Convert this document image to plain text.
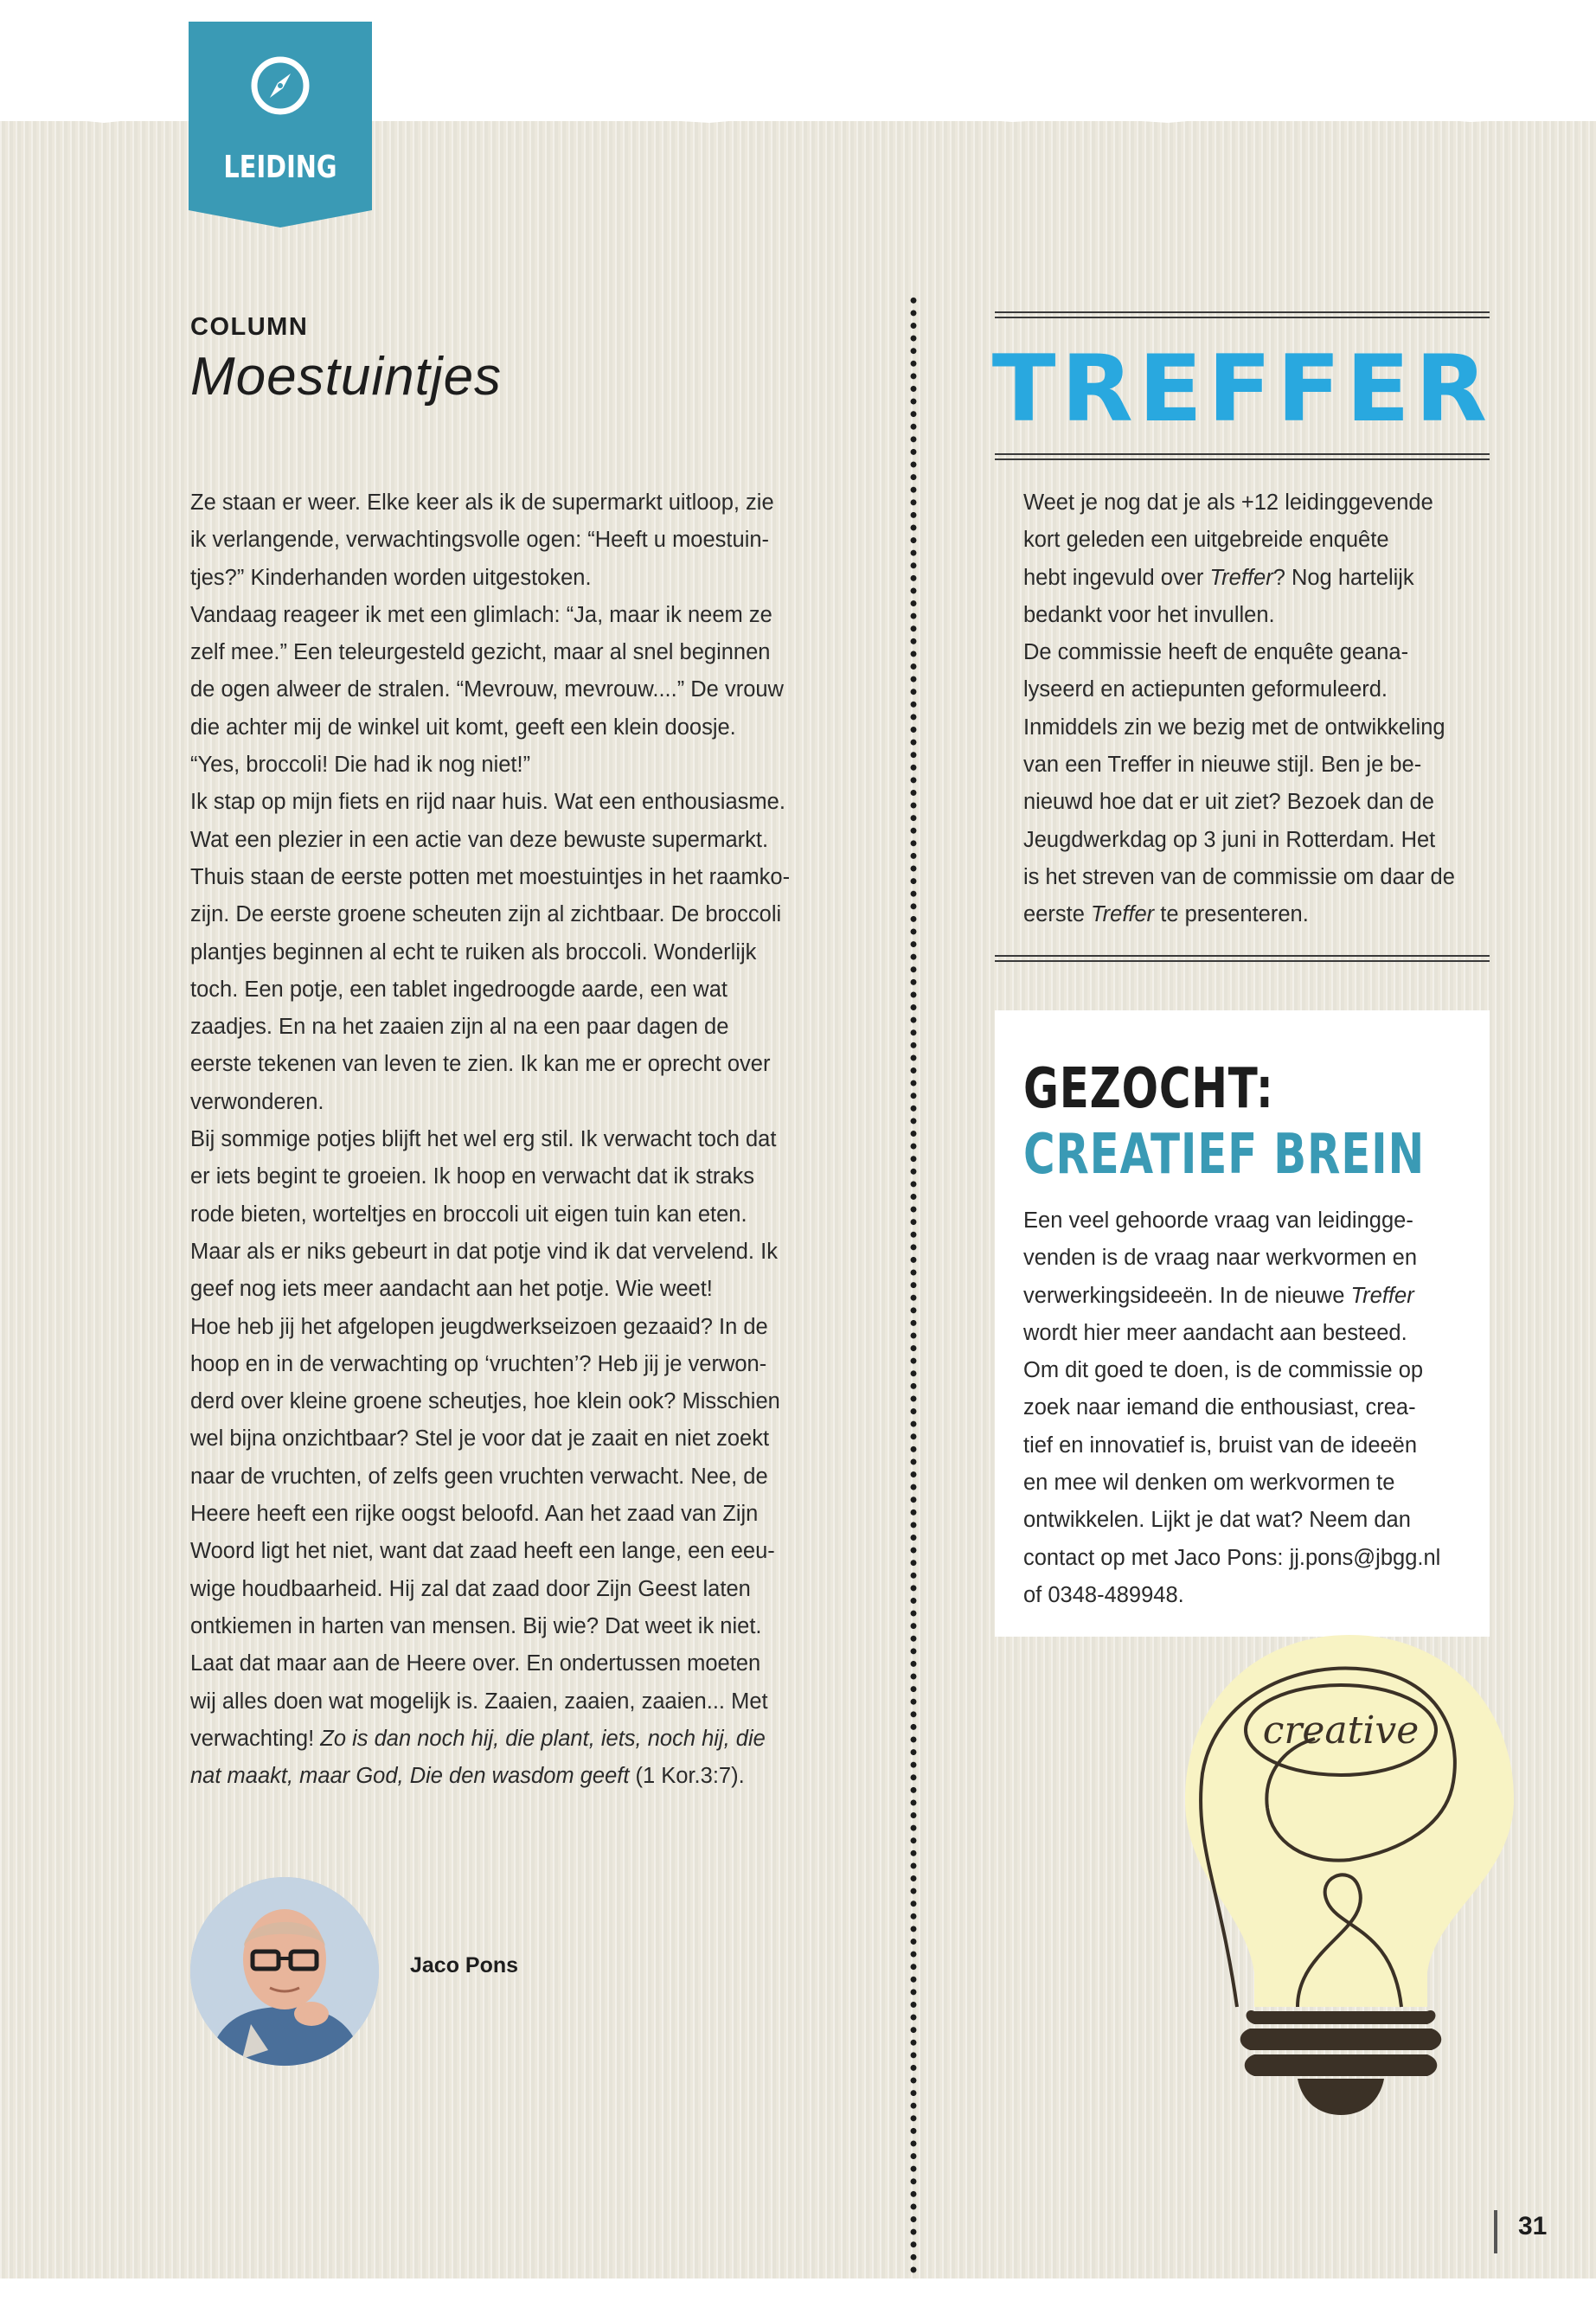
LEIDING
COLUMN
Moestuintjes

Ze staan er weer. Elke keer als ik de supermarkt uitloop, zie
ik verlangende, verwachtingsvolle ogen: “Heeft u moestuin-
tjes?” Kinderhanden worden uitgestoken.

Vandaag reageer ik met een glimlach: “Ja, maar ik neem ze
zelf mee.” Een teleurgesteld gezicht, maar al snel beginnen
de ogen alweer de stralen. “Mevrouw, mevrouw....” De vrouw
die achter mij de winkel uit komt, geeft een klein doosje.
“Yes, broccoli! Die had ik nog niet!”

Ik stap op mijn fiets en rijd naar huis. Wat een enthousiasme.
Wat een plezier in een actie van deze bewuste supermarkt.
Thuis staan de eerste potten met moestuintjes in het raamko-
zijn. De eerste groene scheuten zijn al zichtbaar. De broccoli
plantjes beginnen al echt te ruiken als broccoli. Wonderlijk
toch. Een potje, een tablet ingedroogde aarde, een wat
zaadjes. En na het zaaien zijn al na een paar dagen de
eerste tekenen van leven te zien. Ik kan me er oprecht over
verwonderen.

Bij sommige potjes blijft het wel erg stil. Ik verwacht toch dat
er iets begint te groeien. Ik hoop en verwacht dat ik straks
rode bieten, worteltjes en broccoli uit eigen tuin kan eten.
Maar als er niks gebeurt in dat potje vind ik dat vervelend. Ik
geef nog iets meer aandacht aan het potje. Wie weet!

Hoe heb jij het afgelopen jeugdwerkseizoen gezaaid? In de
hoop en in de verwachting op ‘vruchten’? Heb jij je verwon-
derd over kleine groene scheutjes, hoe klein ook? Misschien
wel bijna onzichtbaar? Stel je voor dat je zaait en niet zoekt
naar de vruchten, of zelfs geen vruchten verwacht. Nee, de
Heere heeft een rijke oogst beloofd. Aan het zaad van Zijn
Woord ligt het niet, want dat zaad heeft een lange, een eeu-
wige houdbaarheid. Hij zal dat zaad door Zijn Geest laten
ontkiemen in harten van mensen. Bij wie? Dat weet ik niet.
Laat dat maar aan de Heere over. En ondertussen moeten
wij alles doen wat mogelijk is. Zaaien, zaaien, zaaien... Met

verwachting! Zo is dan noch hij, die plant, iets, noch hij, die
nat maakt, maar God, Die den wasdom geeft (1 Kor.3:7).

Jaco Pons
TREFFER
Weet je nog dat je als +12 leidinggevende
kort geleden een uitgebreide enquête
hebt ingevuld over Treffer? Nog hartelijk
bedankt voor het invullen.
De commissie heeft de enquête geana-
lyseerd en actiepunten geformuleerd.
Inmiddels zin we bezig met de ontwikkeling
van een Treffer in nieuwe stijl. Ben je be-
nieuwd hoe dat er uit ziet? Bezoek dan de
Jeugdwerkdag op 3 juni in Rotterdam. Het
is het streven van de commissie om daar de
eerste Treffer te presenteren.
GEZOCHT:
CREATIEF BREIN
Een veel gehoorde vraag van leidingge-
venden is de vraag naar werkvormen en
verwerkingsideeën. In de nieuwe Treffer
wordt hier meer aandacht aan besteed.
Om dit goed te doen, is de commissie op
zoek naar iemand die enthousiast, crea-
tief en innovatief is, bruist van de ideeën
en mee wil denken om werkvormen te
ontwikkelen. Lijkt je dat wat? Neem dan
contact op met Jaco Pons: jj.pons@jbgg.nl
of 0348-489948.
creative
31
